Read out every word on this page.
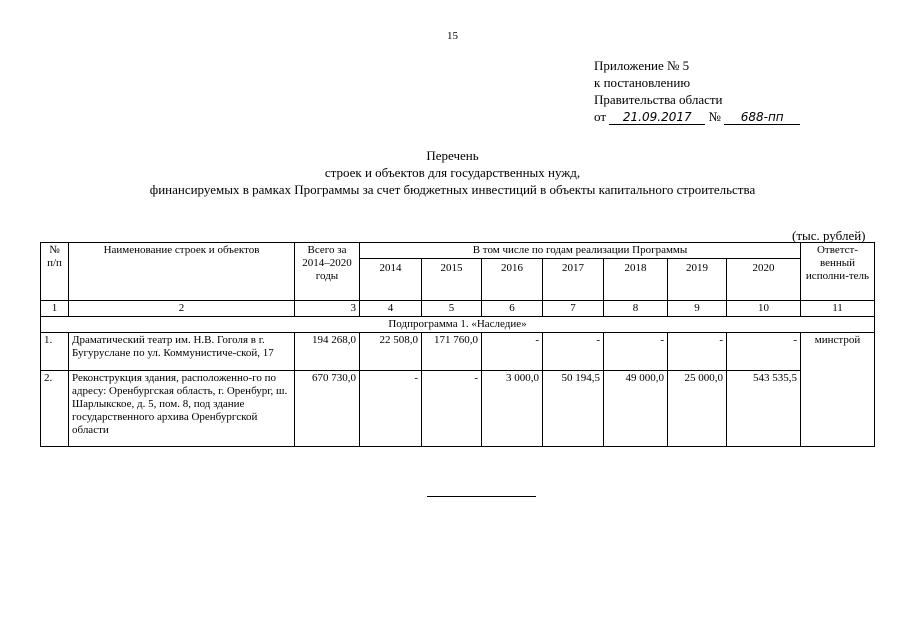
15
Приложение № 5
к постановлению
Правительства области
от 21.09.2017 № 688-пп
Перечень
строек и объектов для государственных нужд,
финансируемых в рамках Программы за счет бюджетных инвестиций в объекты капитального строительства
(тыс. рублей)
№ п/п	Наименование строек и объектов	Всего за 2014–2020 годы	В том числе по годам реализации Программы							Ответст-венный исполни-тель
			2014	2015	2016	2017	2018	2019	2020	
1	2	3	4	5	6	7	8	9	10	11
Подпрограмма 1. «Наследие»										
1.	Драматический театр им. Н.В. Гоголя в г. Бугуруслане по ул. Коммунистиче-ской, 17	194 268,0	22 508,0	171 760,0	-	-	-	-	-	минстрой
2.	Реконструкция здания, расположенно-го по адресу: Оренбургская область, г. Оренбург, ш. Шарлыкское, д. 5, пом. 8, под здание государственного архива Оренбургской области	670 730,0	-	-	3 000,0	50 194,5	49 000,0	25 000,0	543 535,5	
